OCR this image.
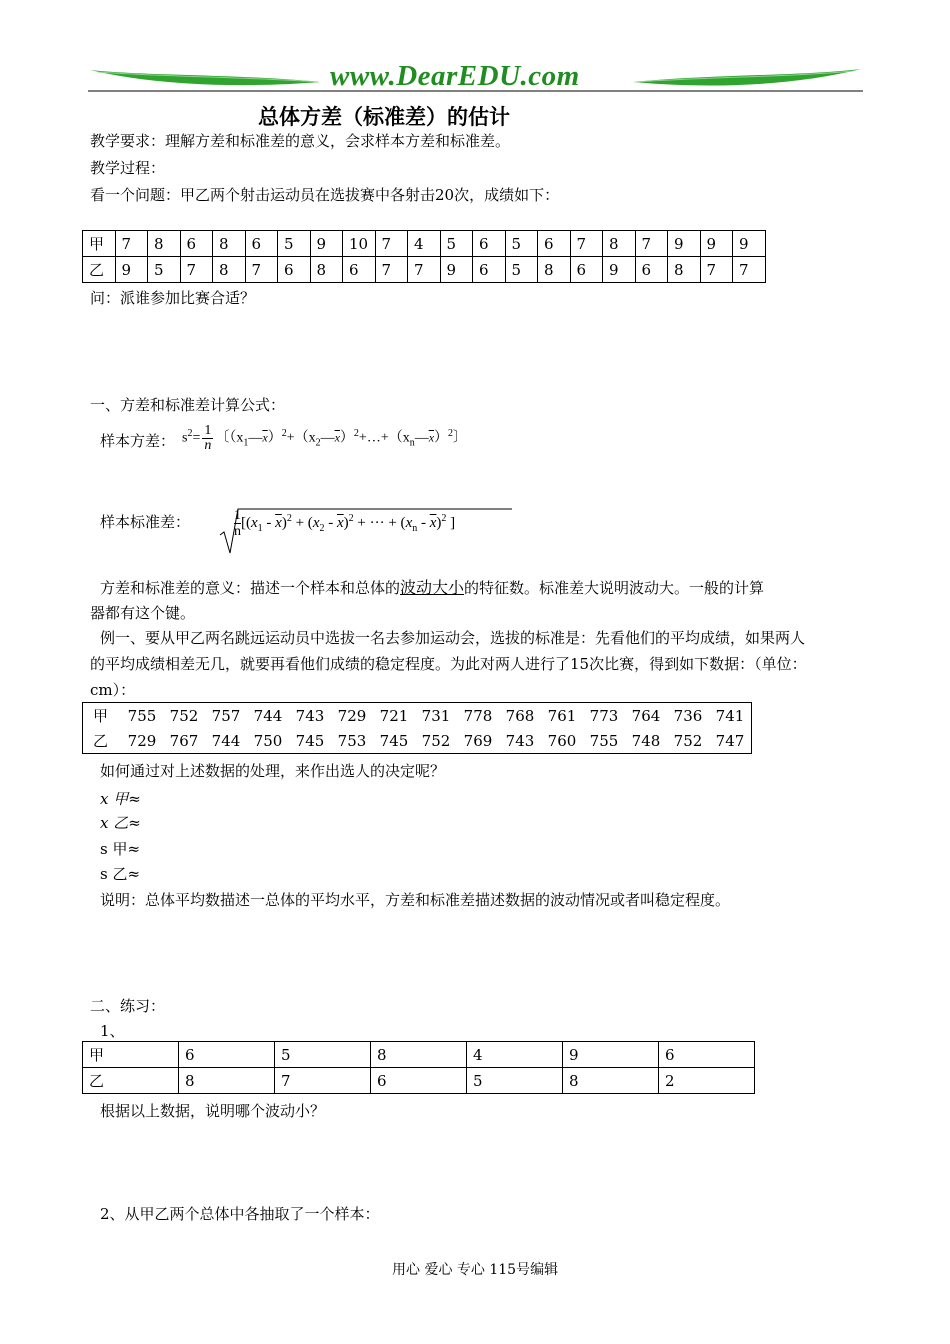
www.DearEDU.com
总体方差（标准差）的估计
教学要求：理解方差和标准差的意义，会求样本方差和标准差。
教学过程：
看一个问题：甲乙两个射击运动员在选拔赛中各射击20次，成绩如下：
甲	7	8	6	8	6	5	9	10	7	4	5	6	5	6	7	8	7	9	9	9
乙	9	5	7	8	7	6	8	6	7	7	9	6	5	8	6	9	6	8	7	7
问：派谁参加比赛合适？
一、方差和标准差计算公式：
样本方差： $s^2= \frac{1}{n}$ 〔$(x_1—\overline{x})^2+(x_2—\overline{x})^2+\dots+(x_n—\overline{x})^2$〕
样本标准差：	$\frac{1}{n} [(x_1 - \overline{x})^2 + (x_2 - \overline{x})^2$ + ··· + $(x_n - \overline{x})^2$ ]
方差和标准差的意义：描述一个样本和总体的波动大小的特征数。标准差大说明波动大。一般的计算
器都有这个键。
例一、要从甲乙两名跳远运动员中选拔一名去参加运动会，选拔的标准是：先看他们的平均成绩，如果两人
的平均成绩相差无几，就要再看他们成绩的稳定程度。为此对两人进行了15次比赛，得到如下数据：（单位：
cm）：
甲	755	752	757	744	743	729	721	731	778	768	761	773	764	736	741
乙	729	767	744	750	745	753	745	752	769	743	760	755	748	752	747
如何通过对上述数据的处理，来作出选人的决定呢？
x 甲≈
x 乙≈
s 甲≈
s 乙≈
说明：总体平均数描述一总体的平均水平，方差和标准差描述数据的波动情况或者叫稳定程度。
二、练习：
1、
甲	6	5	8	4	9	6
乙	8	7	6	5	8	2
根据以上数据，说明哪个波动小？
2、从甲乙两个总体中各抽取了一个样本：
用心 爱心 专心 115号编辑
